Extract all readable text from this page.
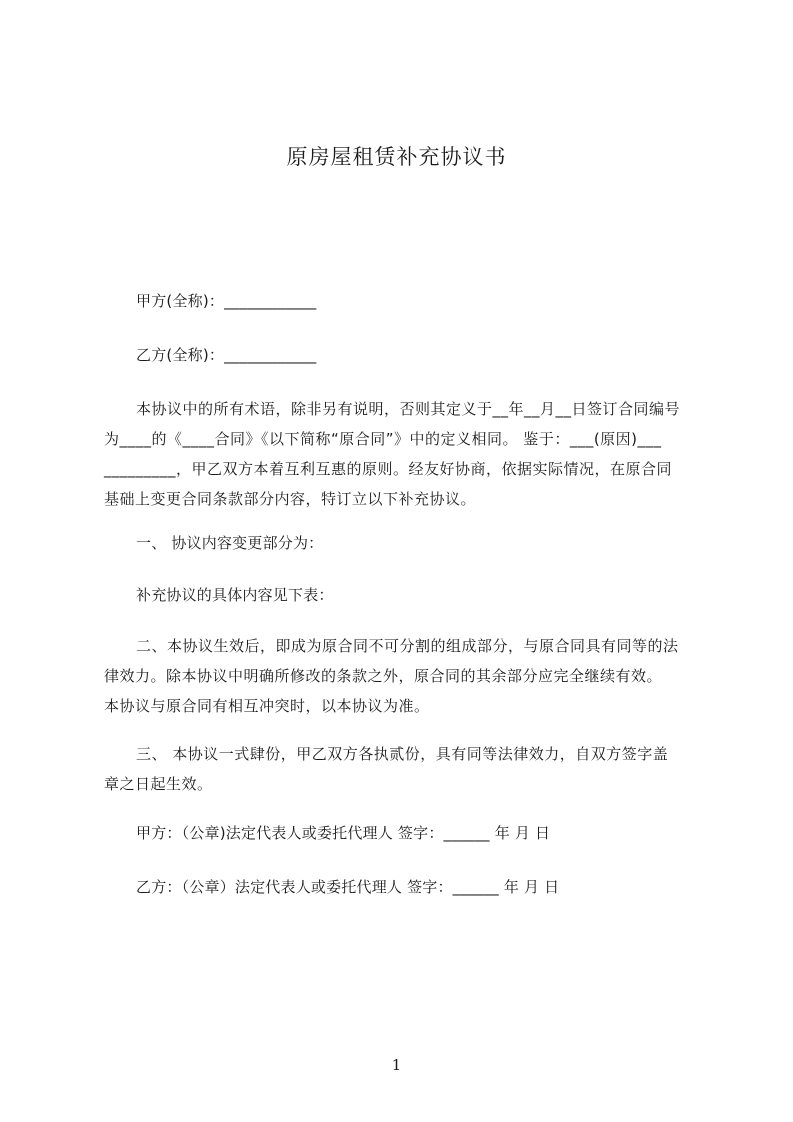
原房屋租赁补充协议书
甲方(全称)：____________
乙方(全称)：____________

本协议中的所有术语，除非另有说明，否则其定义于__年__月__日签订合同编号

为____的《____合同》《以下简称“原合同”》中的定义相同。 鉴于：___(原因)___

_________，甲乙双方本着互利互惠的原则。经友好协商，依据实际情况，在原合同

基础上变更合同条款部分内容，特订立以下补充协议。

一、 协议内容变更部分为：
补充协议的具体内容见下表：

二、本协议生效后，即成为原合同不可分割的组成部分，与原合同具有同等的法

律效力。除本协议中明确所修改的条款之外，原合同的其余部分应完全继续有效。

本协议与原合同有相互冲突时，以本协议为准。

三、 本协议一式肆份，甲乙双方各执贰份，具有同等法律效力，自双方签字盖

章之日起生效。

甲方：（公章)法定代表人或委托代理人 签字：______ 年 月 日
乙方：（公章）法定代表人或委托代理人 签字：______ 年 月 日
1
